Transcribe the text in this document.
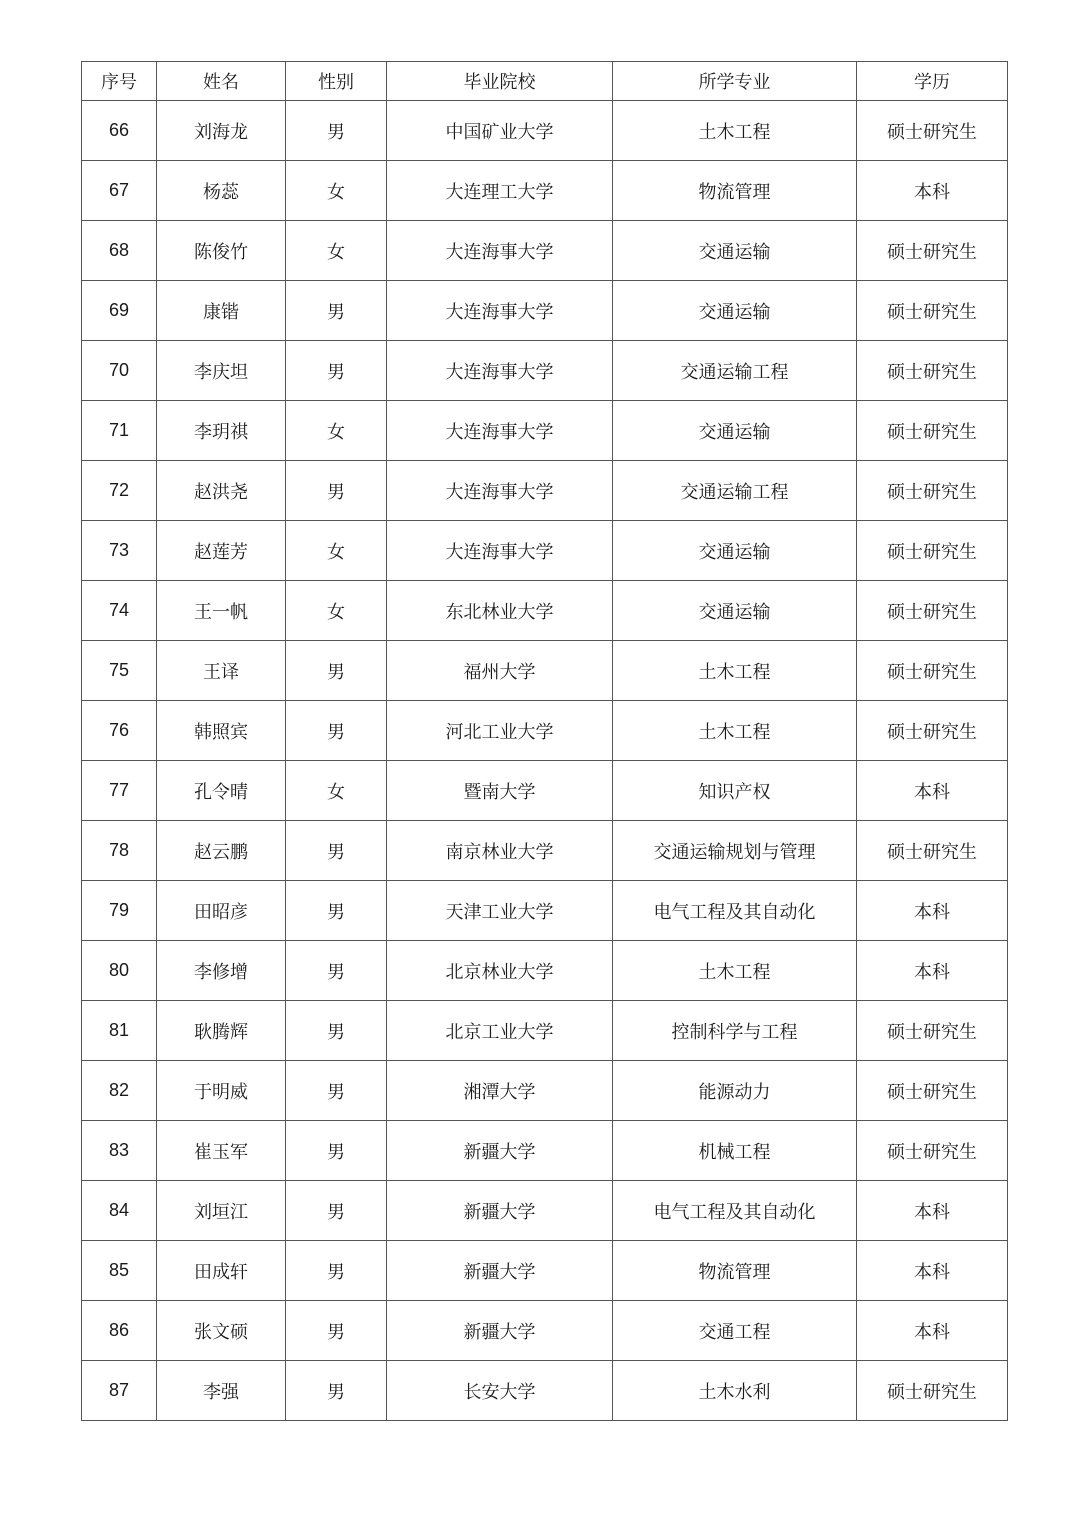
序号	姓名	性别	毕业院校	所学专业	学历
66	刘海龙	男	中国矿业大学	土木工程	硕士研究生
67	杨蕊	女	大连理工大学	物流管理	本科
68	陈俊竹	女	大连海事大学	交通运输	硕士研究生
69	康锴	男	大连海事大学	交通运输	硕士研究生
70	李庆坦	男	大连海事大学	交通运输工程	硕士研究生
71	李玥祺	女	大连海事大学	交通运输	硕士研究生
72	赵洪尧	男	大连海事大学	交通运输工程	硕士研究生
73	赵莲芳	女	大连海事大学	交通运输	硕士研究生
74	王一帆	女	东北林业大学	交通运输	硕士研究生
75	王译	男	福州大学	土木工程	硕士研究生
76	韩照宾	男	河北工业大学	土木工程	硕士研究生
77	孔令晴	女	暨南大学	知识产权	本科
78	赵云鹏	男	南京林业大学	交通运输规划与管理	硕士研究生
79	田昭彦	男	天津工业大学	电气工程及其自动化	本科
80	李修增	男	北京林业大学	土木工程	本科
81	耿腾辉	男	北京工业大学	控制科学与工程	硕士研究生
82	于明威	男	湘潭大学	能源动力	硕士研究生
83	崔玉军	男	新疆大学	机械工程	硕士研究生
84	刘垣江	男	新疆大学	电气工程及其自动化	本科
85	田成轩	男	新疆大学	物流管理	本科
86	张文硕	男	新疆大学	交通工程	本科
87	李强	男	长安大学	土木水利	硕士研究生
